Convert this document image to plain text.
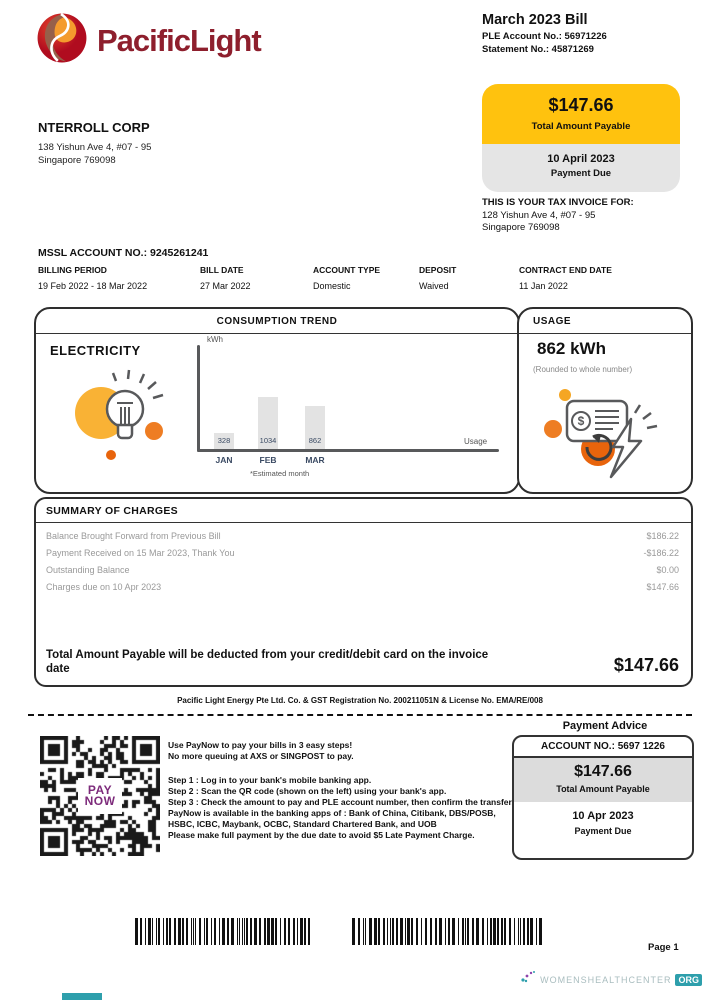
PacificLight
March 2023 Bill
PLE Account No.: 56971226
Statement No.: 45871269
$147.66
Total Amount Payable
10 April 2023
Payment Due
NTERROLL CORP
138 Yishun Ave 4, #07 - 95
Singapore 769098
THIS IS YOUR TAX INVOICE FOR:
128 Yishun Ave 4, #07 - 95
Singapore 769098
MSSL ACCOUNT NO.: 9245261241
BILLING PERIOD
19 Feb 2022 - 18 Mar 2022
BILL DATE
27 Mar 2022
ACCOUNT TYPE
Domestic
DEPOSIT
Waived
CONTRACT END DATE
11 Jan 2022
CONSUMPTION TREND
ELECTRICITY
kWh
Usage
328	1034	862
JAN	FEB	MAR
*Estimated month
USAGE
862 kWh
(Rounded to whole number)
$
SUMMARY OF CHARGES
Balance Brought Forward from Previous Bill	$186.22
Payment Received on 15 Mar 2023, Thank You	-$186.22
Outstanding Balance	$0.00
Charges due on 10 Apr 2023	$147.66
Total Amount Payable will be deducted from your credit/debit card on the invoice date	$147.66
Pacific Light Energy Pte Ltd. Co. & GST Registration No. 200211051N & License No. EMA/RE/008
Payment Advice
PAY
NOW

Use PayNow to pay your bills in 3 easy steps!

No more queuing at AXS or SINGPOST to pay.

Step 1 : Log in to your bank's mobile banking app.

Step 2 : Scan the QR code (shown on the left) using your bank's app.

Step 3 : Check the amount to pay and PLE account number, then confirm the transfer.

PayNow is available in the banking apps of : Bank of China, Citibank, DBS/POSB, HSBC, ICBC, Maybank, OCBC, Standard Chartered Bank, and UOB

Please make full payment by the due date to avoid $5 Late Payment Charge.

ACCOUNT NO.: 5697 1226
$147.66
Total Amount Payable
10 Apr 2023
Payment Due
Page 1
WOMENSHEALTHCENTER ORG
